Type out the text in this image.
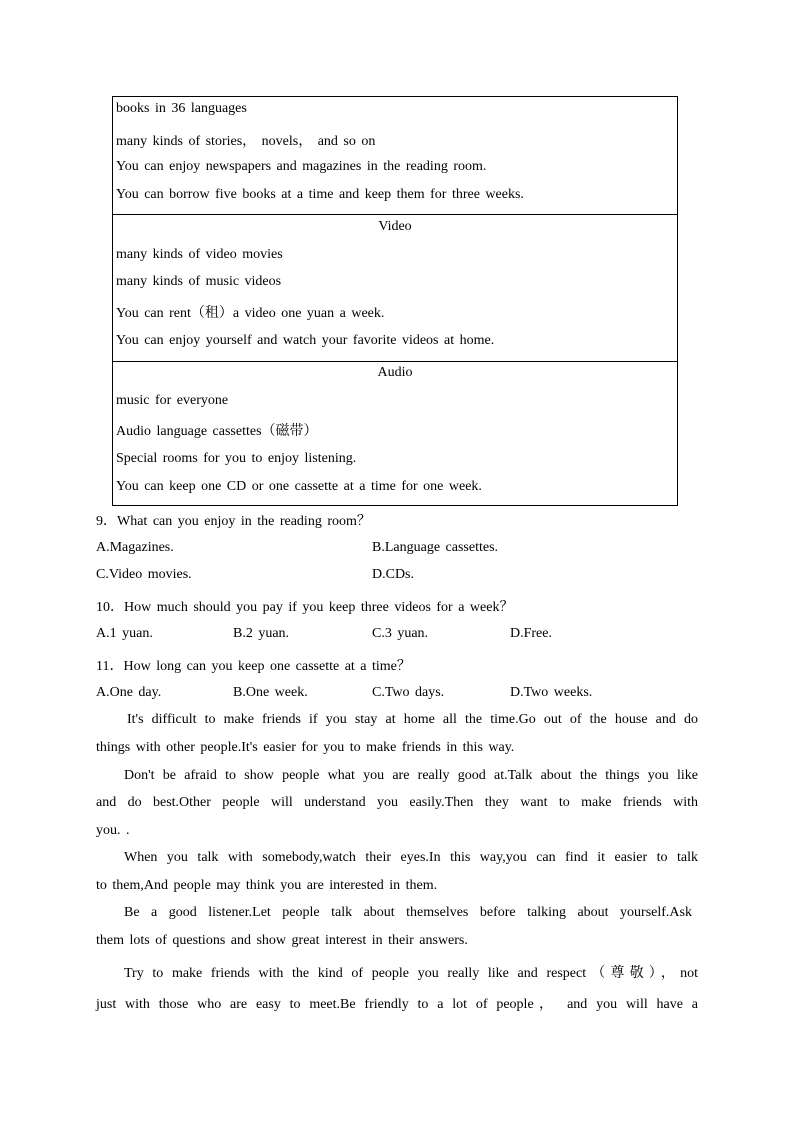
books in 36 languages
many kinds of stories， novels， and so on
You can enjoy newspapers and magazines in the reading room.
You can borrow five books at a time and keep them for three weeks.
Video
many kinds of video movies
many kinds of music videos
You can rent（租）a video one yuan a week.
You can enjoy yourself and watch your favorite videos at home.
Audio
music for everyone
Audio language cassettes（磁带）
Special rooms for you to enjoy listening.
You can keep one CD or one cassette at a time for one week.
9．What can you enjoy in the reading room？
A.Magazines.	B.Language cassettes.
C.Video movies.	D.CDs.
10．How much should you pay if you keep three videos for a week？
A.1 yuan.	B.2 yuan.	C.3 yuan.	D.Free.
11．How long can you keep one cassette at a time？
A.One day.	B.One week.	C.Two days.	D.Two weeks.
It's difficult to make friends if you stay at home all the time.Go out of the house and do
things with other people.It's easier for you to make friends in this way.
Don't be afraid to show people what you are really good at.Talk about the things you like
and do best.Other people will understand you easily.Then they want to make friends with
you. .
When you talk with somebody,watch their eyes.In this way,you can find it easier to talk
to them,And people may think you are interested in them.
Be a good listener.Let people talk about themselves before talking about yourself.Ask
them lots of questions and show great interest in their answers.
Try to make friends with the kind of people you really like and respect（尊敬），not
just with those who are easy to meet.Be friendly to a lot of people， and you will have a
